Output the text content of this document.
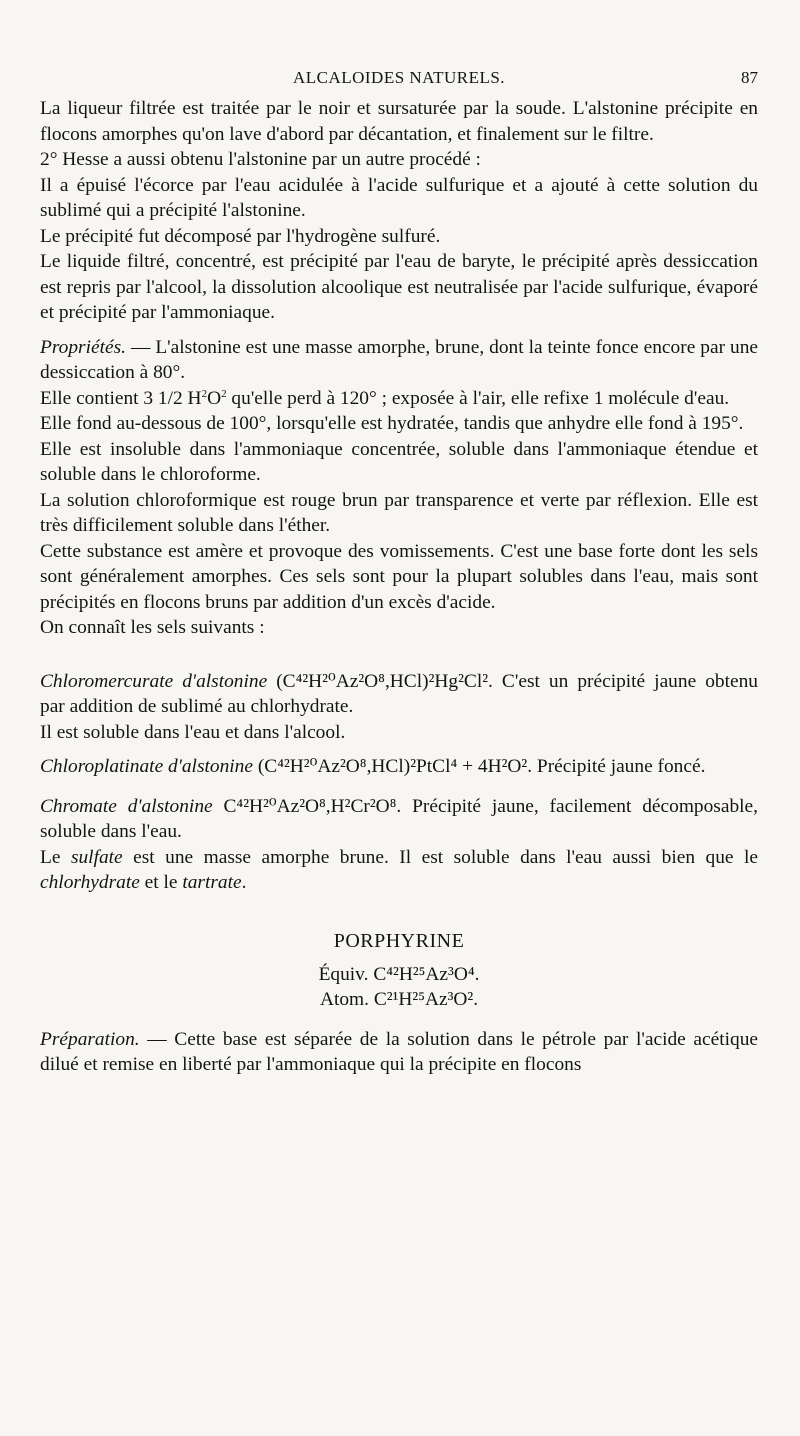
ALCALOIDES NATURELS.	87

La liqueur filtrée est traitée par le noir et sursaturée par la soude. L'alstonine précipite en flocons amorphes qu'on lave d'abord par décantation, et finalement sur le filtre.

2° Hesse a aussi obtenu l'alstonine par un autre procédé :

Il a épuisé l'écorce par l'eau acidulée à l'acide sulfurique et a ajouté à cette solution du sublimé qui a précipité l'alstonine.

Le précipité fut décomposé par l'hydrogène sulfuré.

Le liquide filtré, concentré, est précipité par l'eau de baryte, le précipité après dessiccation est repris par l'alcool, la dissolution alcoolique est neutralisée par l'acide sulfurique, évaporé et précipité par l'ammoniaque.

Propriétés. — L'alstonine est une masse amorphe, brune, dont la teinte fonce encore par une dessiccation à 80°.

Elle contient 3 1/2 $H^2O^2$ qu'elle perd à 120° ; exposée à l'air, elle refixe 1 molécule d'eau.

Elle fond au-dessous de 100°, lorsqu'elle est hydratée, tandis que anhydre elle fond à 195°.

Elle est insoluble dans l'ammoniaque concentrée, soluble dans l'ammoniaque étendue et soluble dans le chloroforme.

La solution chloroformique est rouge brun par transparence et verte par réflexion. Elle est très difficilement soluble dans l'éther.

Cette substance est amère et provoque des vomissements. C'est une base forte dont les sels sont généralement amorphes. Ces sels sont pour la plupart solubles dans l'eau, mais sont précipités en flocons bruns par addition d'un excès d'acide.

On connaît les sels suivants :

Chloromercurate d'alstonine (C⁴²H²⁰Az²O⁸,HCl)²Hg²Cl². C'est un précipité jaune obtenu par addition de sublimé au chlorhydrate.

Il est soluble dans l'eau et dans l'alcool.

Chloroplatinate d'alstonine (C⁴²H²⁰Az²O⁸,HCl)²PtCl⁴ + 4H²O². Précipité jaune foncé.

Chromate d'alstonine C⁴²H²⁰Az²O⁸,H²Cr²O⁸. Précipité jaune, facilement décomposable, soluble dans l'eau.

Le sulfate est une masse amorphe brune. Il est soluble dans l'eau aussi bien que le chlorhydrate et le tartrate.

PORPHYRINE
Équiv. C⁴²H²⁵Az³O⁴.
Atom. C²¹H²⁵Az³O².

Préparation. — Cette base est séparée de la solution dans le pétrole par l'acide acétique dilué et remise en liberté par l'ammoniaque qui la précipite en flocons
